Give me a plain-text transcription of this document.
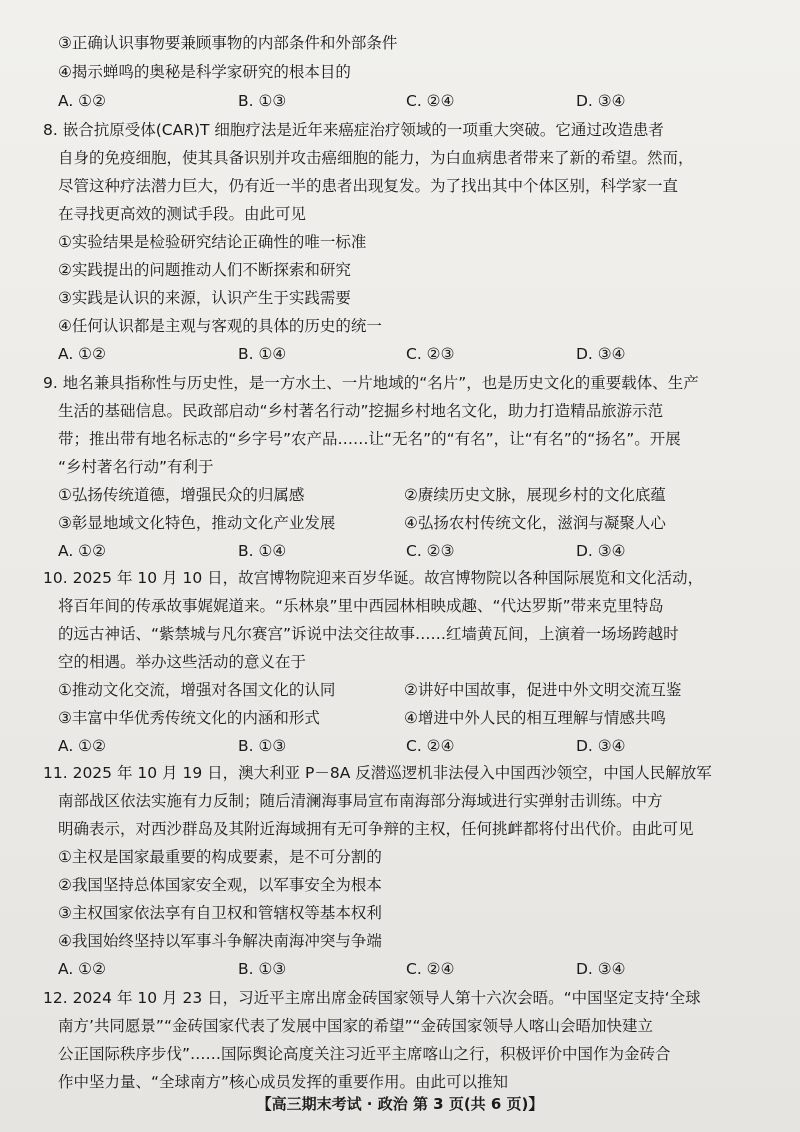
③正确认识事物要兼顾事物的内部条件和外部条件
④揭示蝉鸣的奥秘是科学家研究的根本目的
A. ①②	B. ①③	C. ②④	D. ③④
8. 嵌合抗原受体(CAR)T 细胞疗法是近年来癌症治疗领域的一项重大突破。它通过改造患者
自身的免疫细胞，使其具备识别并攻击癌细胞的能力，为白血病患者带来了新的希望。然而，
尽管这种疗法潜力巨大，仍有近一半的患者出现复发。为了找出其中个体区别，科学家一直
在寻找更高效的测试手段。由此可见
①实验结果是检验研究结论正确性的唯一标准
②实践提出的问题推动人们不断探索和研究
③实践是认识的来源，认识产生于实践需要
④任何认识都是主观与客观的具体的历史的统一
A. ①②	B. ①④	C. ②③	D. ③④
9. 地名兼具指称性与历史性，是一方水土、一片地域的“名片”，也是历史文化的重要载体、生产
生活的基础信息。民政部启动“乡村著名行动”挖掘乡村地名文化，助力打造精品旅游示范
带；推出带有地名标志的“乡字号”农产品……让“无名”的“有名”，让“有名”的“扬名”。开展
“乡村著名行动”有利于
①弘扬传统道德，增强民众的归属感	②赓续历史文脉，展现乡村的文化底蕴
③彰显地域文化特色，推动文化产业发展	④弘扬农村传统文化，滋润与凝聚人心
A. ①②	B. ①④	C. ②③	D. ③④
10. 2025 年 10 月 10 日，故宫博物院迎来百岁华诞。故宫博物院以各种国际展览和文化活动，
将百年间的传承故事娓娓道来。“乐林泉”里中西园林相映成趣、“代达罗斯”带来克里特岛
的远古神话、“紫禁城与凡尔赛宫”诉说中法交往故事……红墙黄瓦间，上演着一场场跨越时
空的相遇。举办这些活动的意义在于
①推动文化交流，增强对各国文化的认同	②讲好中国故事，促进中外文明交流互鉴
③丰富中华优秀传统文化的内涵和形式	④增进中外人民的相互理解与情感共鸣
A. ①②	B. ①③	C. ②④	D. ③④
11. 2025 年 10 月 19 日，澳大利亚 P－8A 反潜巡逻机非法侵入中国西沙领空，中国人民解放军
南部战区依法实施有力反制；随后清澜海事局宣布南海部分海域进行实弹射击训练。中方
明确表示，对西沙群岛及其附近海域拥有无可争辩的主权，任何挑衅都将付出代价。由此可见
①主权是国家最重要的构成要素，是不可分割的
②我国坚持总体国家安全观，以军事安全为根本
③主权国家依法享有自卫权和管辖权等基本权利
④我国始终坚持以军事斗争解决南海冲突与争端
A. ①②	B. ①③	C. ②④	D. ③④
12. 2024 年 10 月 23 日，习近平主席出席金砖国家领导人第十六次会晤。“中国坚定支持‘全球
南方’共同愿景”“金砖国家代表了发展中国家的希望”“金砖国家领导人喀山会晤加快建立
公正国际秩序步伐”……国际舆论高度关注习近平主席喀山之行，积极评价中国作为金砖合
作中坚力量、“全球南方”核心成员发挥的重要作用。由此可以推知
【高三期末考试 · 政治 第 3 页(共 6 页)】
